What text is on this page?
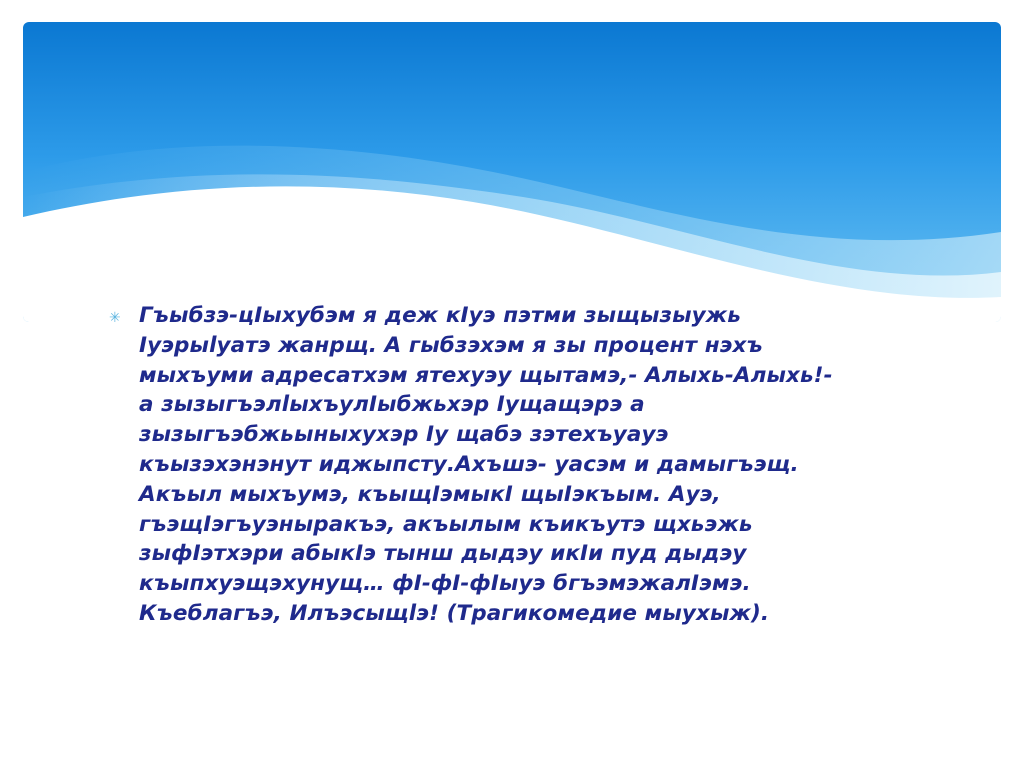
✳ Гъыбзэ-цIыхубэм я деж кIуэ пэтми зыщызыужь
Iуэрыlуатэ жанрщ. А гыбзэхэм я зы процент нэхъ
мыхъуми адресатхэм ятехуэу щытамэ,- Алыхь-Алыхь!-
а зызыгъэлlыхъулIыбжьхэр Iущащэрэ а
зызыгъэбжьыныхухэр Iу щабэ зэтехъуауэ
къызэхэнэнут иджыпсту.Ахъшэ- уасэм и дамыгъэщ.
Акъыл мыхъумэ, къыщIэмыкI щыIэкъым. Ауэ,
гъэщIэгъуэныракъэ, акъылым къикъутэ щхьэжь
зыфIэтхэри абыкIэ тынш дыдэу икIи пуд дыдэу
къыпхуэщэхунущ… фI-фI-фIыуэ бгъэмэжалIэмэ.
Къеблагъэ, Илъэсыщlэ! (Трагикомедие мыухыж).
